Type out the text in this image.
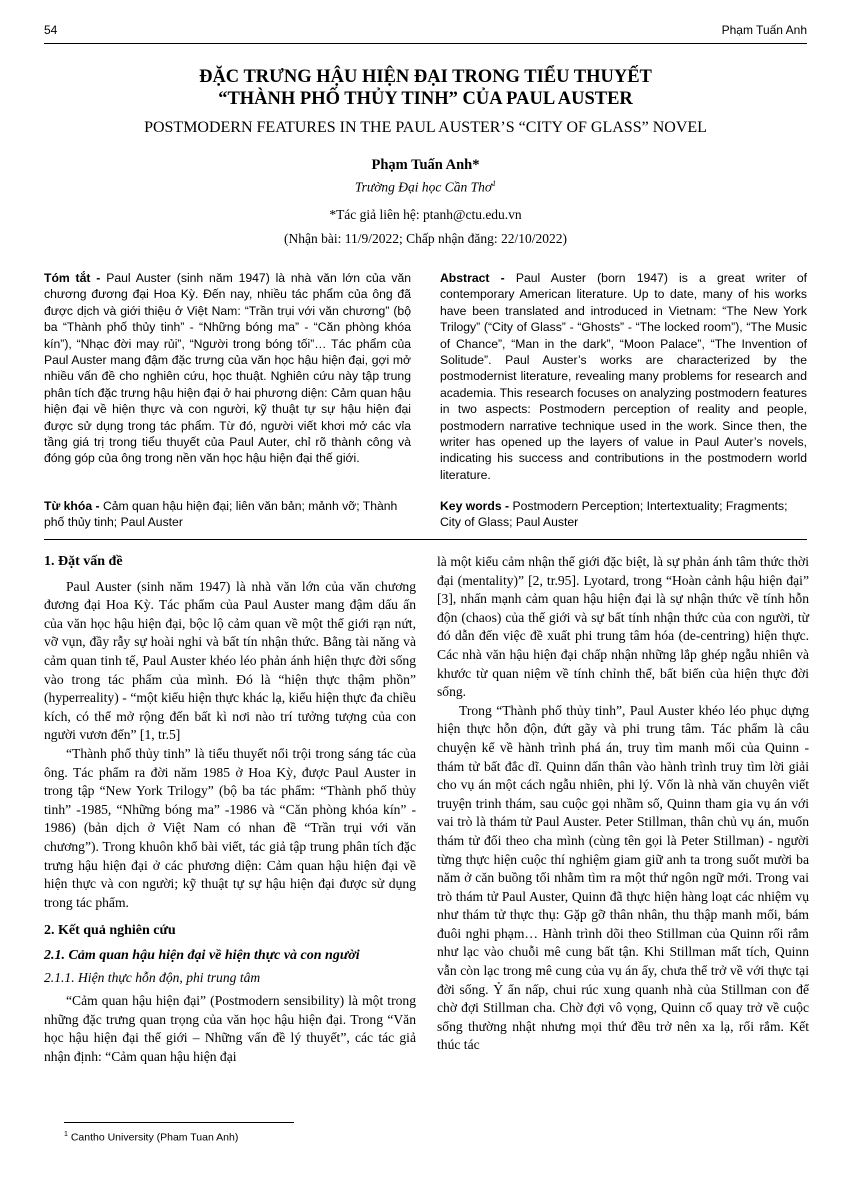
54	Phạm Tuấn Anh
ĐẶC TRƯNG HẬU HIỆN ĐẠI TRONG TIỂU THUYẾT
“THÀNH PHỐ THỦY TINH” CỦA PAUL AUSTER
POSTMODERN FEATURES IN THE PAUL AUSTER’S “CITY OF GLASS” NOVEL
Phạm Tuấn Anh*
Trường Đại học Cần Thơ$^1$
*Tác giả liên hệ: ptanh@ctu.edu.vn
(Nhận bài: 11/9/2022; Chấp nhận đăng: 22/10/2022)
Tóm tắt - Paul Auster (sinh năm 1947) là nhà văn lớn của văn chương đương đại Hoa Kỳ. Đến nay, nhiều tác phẩm của ông đã được dịch và giới thiệu ở Việt Nam: “Trần trụi với văn chương” (bộ ba “Thành phố thủy tinh” - “Những bóng ma” - “Căn phòng khóa kín”), “Nhạc đời may rủi”, “Người trong bóng tối”… Tác phẩm của Paul Auster mang đậm đặc trưng của văn học hậu hiện đại, gợi mở nhiều vấn đề cho nghiên cứu, học thuật. Nghiên cứu này tập trung phân tích đặc trưng hậu hiện đại ở hai phương diện: Cảm quan hậu hiện đại về hiện thực và con người, kỹ thuật tự sự hậu hiện đại được sử dụng trong tác phẩm. Từ đó, người viết khơi mở các vỉa tầng giá trị trong tiểu thuyết của Paul Auter, chỉ rõ thành công và đóng góp của ông trong nền văn học hậu hiện đại thế giới.
Abstract - Paul Auster (born 1947) is a great writer of contemporary American literature. Up to date, many of his works have been translated and introduced in Vietnam: “The New York Trilogy” (“City of Glass” - “Ghosts” - “The locked room”), “The Music of Chance”, “Man in the dark”, “Moon Palace”, “The Invention of Solitude”. Paul Auster’s works are characterized by the postmodernist literature, revealing many problems for research and academia. This research focuses on analyzing postmodern features in two aspects: Postmodern perception of reality and people, postmodern narrative technique used in the work. Since then, the writer has opened up the layers of value in Paul Auter’s novels, indicating his success and contributions in the postmodern world literature.
Từ khóa - Cảm quan hậu hiện đại; liên văn bản; mảnh vỡ; Thành phố thủy tinh; Paul Auster
Key words - Postmodern Perception; Intertextuality; Fragments; City of Glass; Paul Auster
1. Đặt vấn đề

Paul Auster (sinh năm 1947) là nhà văn lớn của văn chương đương đại Hoa Kỳ. Tác phẩm của Paul Auster mang đậm dấu ấn của văn học hậu hiện đại, bộc lộ cảm quan về một thế giới rạn nứt, vỡ vụn, đầy rẫy sự hoài nghi và bất tín nhận thức. Bằng tài năng và cảm quan tinh tế, Paul Auster khéo léo phản ánh hiện thực đời sống vào trong tác phẩm của mình. Đó là “hiện thực thậm phồn” (hyperreality) - “một kiểu hiện thực khác lạ, kiểu hiện thực đa chiều kích, có thể mở rộng đến bất kì nơi nào trí tưởng tượng của con người vươn đến” [1, tr.5]

“Thành phố thủy tinh” là tiểu thuyết nổi trội trong sáng tác của ông. Tác phẩm ra đời năm 1985 ở Hoa Kỳ, được Paul Auster in trong tập “New York Trilogy” (bộ ba tác phẩm: “Thành phố thủy tinh” -1985, “Những bóng ma” -1986 và “Căn phòng khóa kín” - 1986) (bản dịch ở Việt Nam có nhan đề “Trần trụi với văn chương”). Trong khuôn khổ bài viết, tác giả tập trung phân tích đặc trưng hậu hiện đại ở các phương diện: Cảm quan hậu hiện đại về hiện thực và con người; kỹ thuật tự sự hậu hiện đại được sử dụng trong tác phẩm.

2. Kết quả nghiên cứu
2.1. Cảm quan hậu hiện đại về hiện thực và con người
2.1.1. Hiện thực hỗn độn, phi trung tâm

“Cảm quan hậu hiện đại” (Postmodern sensibility) là một trong những đặc trưng quan trọng của văn học hậu hiện đại. Trong “Văn học hậu hiện đại thế giới – Những vấn đề lý thuyết”, các tác giả nhận định: “Cảm quan hậu hiện đại

là một kiểu cảm nhận thế giới đặc biệt, là sự phản ánh tâm thức thời đại (mentality)” [2, tr.95]. Lyotard, trong “Hoàn cảnh hậu hiện đại” [3], nhấn mạnh cảm quan hậu hiện đại là sự nhận thức về tính hỗn độn (chaos) của thế giới và sự bất tính nhận thức của con người, từ đó dẫn đến việc đề xuất phi trung tâm hóa (de-centring) hiện thực. Các nhà văn hậu hiện đại chấp nhận những lắp ghép ngẫu nhiên và khước từ quan niệm về tính chỉnh thể, bất biến của hiện thực đời sống.

Trong “Thành phố thủy tinh”, Paul Auster khéo léo phục dựng hiện thực hỗn độn, đứt gãy và phi trung tâm. Tác phẩm là câu chuyện kể về hành trình phá án, truy tìm manh mối của Quinn - thám tử bất đắc dĩ. Quinn dấn thân vào hành trình truy tìm lời giải cho vụ án một cách ngẫu nhiên, phi lý. Vốn là nhà văn chuyên viết truyện trinh thám, sau cuộc gọi nhầm số, Quinn tham gia vụ án với vai trò là thám tử Paul Auster. Peter Stillman, thân chủ vụ án, muốn thám tử đối theo cha mình (cùng tên gọi là Peter Stillman) - người từng thực hiện cuộc thí nghiệm giam giữ anh ta trong suốt mười ba năm ở căn buồng tối nhằm tìm ra một thứ ngôn ngữ mới. Trong vai trò thám tử Paul Auster, Quinn đã thực hiện hàng loạt các nhiệm vụ như thám tử thực thụ: Gặp gỡ thân nhân, thu thập manh mối, bám đuôi nghi phạm… Hành trình dõi theo Stillman của Quinn rối rắm như lạc vào chuỗi mê cung bất tận. Khi Stillman mất tích, Quinn vẫn còn lạc trong mê cung của vụ án ấy, chưa thể trở về với thực tại đời sống. Ỷ ẩn nấp, chui rúc xung quanh nhà của Stillman con để chờ đợi Stillman cha. Chờ đợi vô vọng, Quinn cố quay trở về cuộc sống thường nhật nhưng mọi thứ đều trở nên xa lạ, rối rắm. Kết thúc tác

$^1$ Cantho University (Pham Tuan Anh)
